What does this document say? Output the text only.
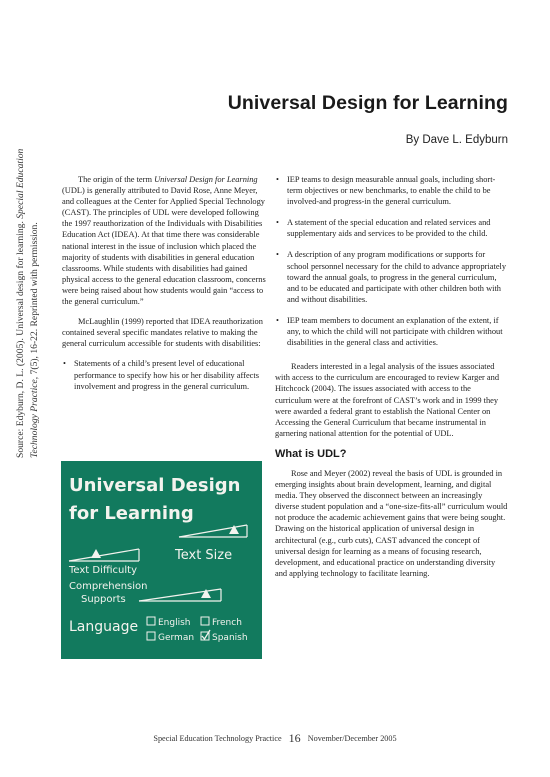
Source: Edyburn, D. L. (2005). Universal design for learning. Special Education

Technology Practice, 7(5), 16-22. Reprinted with permission.

Universal Design for Learning
By Dave L. Edyburn

The origin of the term Universal Design for Learning (UDL) is generally attributed to David Rose, Anne Meyer, and colleagues at the Center for Applied Special Technology (CAST). The principles of UDL were developed following the 1997 reauthorization of the Individuals with Disabilities Education Act (IDEA). At that time there was considerable national interest in the issue of inclusion which placed the majority of students with disabilities in general education classrooms. While students with disabilities had gained physical access to the general education classroom, concerns were being raised about how students would gain “access to the general curriculum.”

McLaughlin (1999) reported that IDEA reauthorization contained several specific mandates relative to making the general curriculum accessible for students with disabilities:

• Statements of a child’s present level of educational performance to specify how his or her disability affects involvement and progress in the general curriculum.
Universal Design
for Learning
Text Size
Text Difficulty
Comprehension
Supports
Language English French
German Spanish
• IEP teams to design measurable annual goals, including short-term objectives or new benchmarks, to enable the child to be involved-and progress-in the general curriculum.
• A statement of the special education and related services and supplementary aids and services to be provided to the child.
• A description of any program modifications or supports for school personnel necessary for the child to advance appropriately toward the annual goals, to progress in the general curriculum, and to be educated and participate with other children both with and without disabilities.
• IEP team members to document an explanation of the extent, if any, to which the child will not participate with children without disabilities in the general class and activities.

Readers interested in a legal analysis of the issues associated with access to the curriculum are encouraged to review Karger and Hitchcock (2004). The issues associated with access to the curriculum were at the forefront of CAST’s work and in 1999 they were awarded a federal grant to establish the National Center on Accessing the General Curriculum that became instrumental in garnering national attention for the potential of UDL.

What is UDL?

Rose and Meyer (2002) reveal the basis of UDL is grounded in emerging insights about brain development, learning, and digital media. They observed the disconnect between an increasingly diverse student population and a “one-size-fits-all” curriculum would not produce the academic achievement gains that were being sought. Drawing on the historical application of universal design in architectural (e.g., curb cuts), CAST advanced the concept of universal design for learning as a means of focusing research, development, and educational practice on understanding diversity and applying technology to facilitate learning.

Special Education Technology Practice 16 November/December 2005
